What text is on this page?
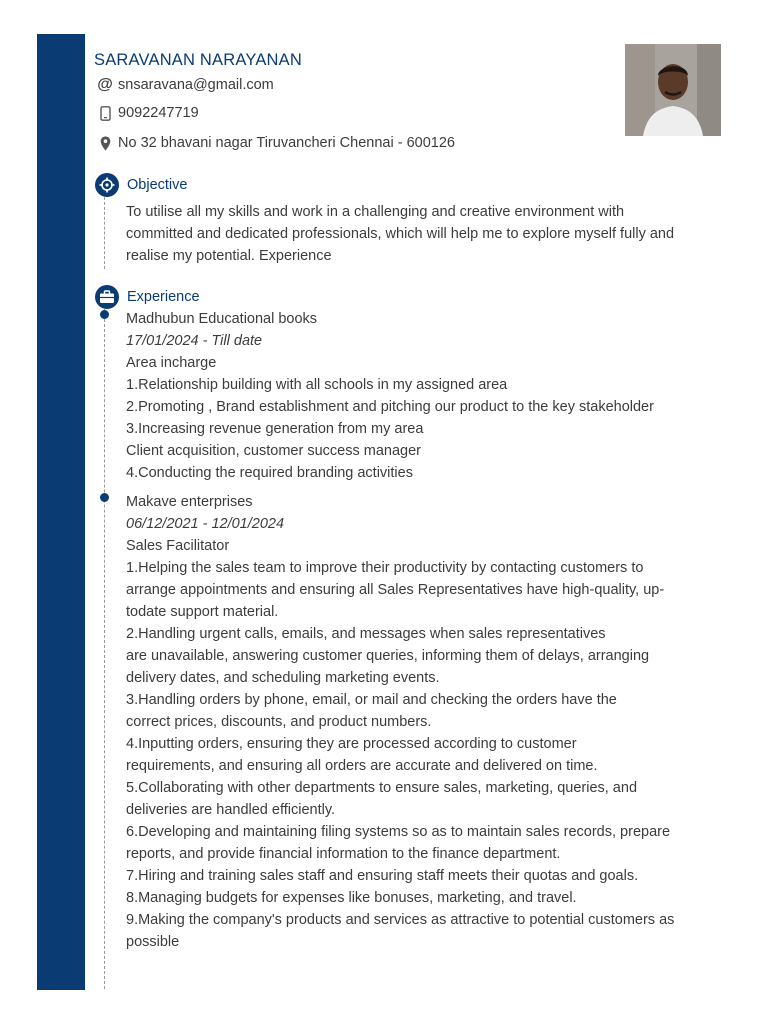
SARAVANAN NARAYANAN
@ snsaravana@gmail.com
9092247719
No 32 bhavani nagar Tiruvancheri Chennai - 600126
Objective
To utilise all my skills and work in a challenging and creative environment with
committed and dedicated professionals, which will help me to explore myself fully and
realise my potential. Experience
Experience
Madhubun Educational books
17/01/2024 - Till date
Area incharge
1.Relationship building with all schools in my assigned area
2.Promoting , Brand establishment and pitching our product to the key stakeholder
3.Increasing revenue generation from my area
Client acquisition, customer success manager
4.Conducting the required branding activities
Makave enterprises
06/12/2021 - 12/01/2024
Sales Facilitator
1.Helping the sales team to improve their productivity by contacting customers to
arrange appointments and ensuring all Sales Representatives have high-quality, up-
todate support material.
2.Handling urgent calls, emails, and messages when sales representatives
are unavailable, answering customer queries, informing them of delays, arranging
delivery dates, and scheduling marketing events.
3.Handling orders by phone, email, or mail and checking the orders have the
correct prices, discounts, and product numbers.
4.Inputting orders, ensuring they are processed according to customer
requirements, and ensuring all orders are accurate and delivered on time.
5.Collaborating with other departments to ensure sales, marketing, queries, and
deliveries are handled efficiently.
6.Developing and maintaining filing systems so as to maintain sales records, prepare
reports, and provide financial information to the finance department.
7.Hiring and training sales staff and ensuring staff meets their quotas and goals.
8.Managing budgets for expenses like bonuses, marketing, and travel.
9.Making the company's products and services as attractive to potential customers as
possible
